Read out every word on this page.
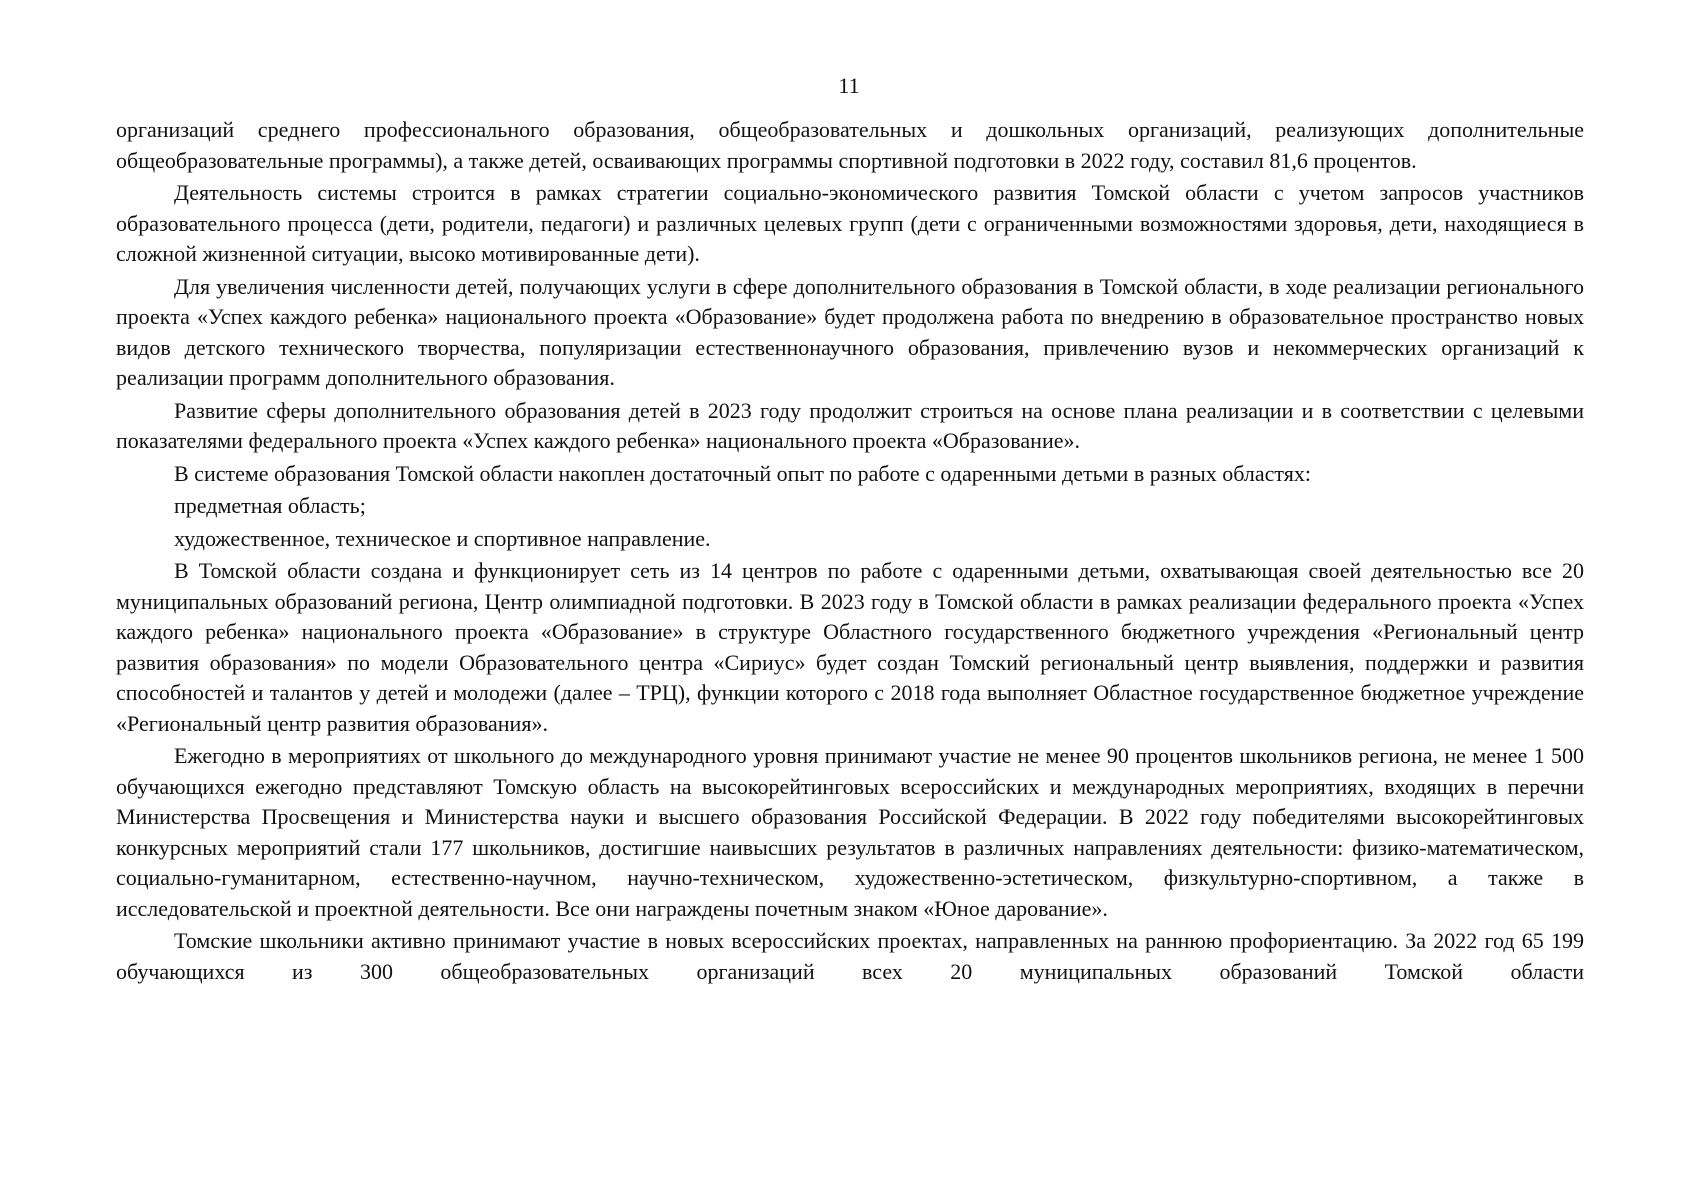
11

организаций среднего профессионального образования, общеобразовательных и дошкольных организаций, реализующих дополнительные общеобразовательные программы), а также детей, осваивающих программы спортивной подготовки в 2022 году, составил 81,6 процентов.

Деятельность системы строится в рамках стратегии социально-экономического развития Томской области с учетом запросов участников образовательного процесса (дети, родители, педагоги) и различных целевых групп (дети с ограниченными возможностями здоровья, дети, находящиеся в сложной жизненной ситуации, высоко мотивированные дети).

Для увеличения численности детей, получающих услуги в сфере дополнительного образования в Томской области, в ходе реализации регионального проекта «Успех каждого ребенка» национального проекта «Образование» будет продолжена работа по внедрению в образовательное пространство новых видов детского технического творчества, популяризации естественнонаучного образования, привлечению вузов и некоммерческих организаций к реализации программ дополнительного образования.

Развитие сферы дополнительного образования детей в 2023 году продолжит строиться на основе плана реализации и в соответствии с целевыми показателями федерального проекта «Успех каждого ребенка» национального проекта «Образование».

В системе образования Томской области накоплен достаточный опыт по работе с одаренными детьми в разных областях:

предметная область;

художественное, техническое и спортивное направление.

В Томской области создана и функционирует сеть из 14 центров по работе с одаренными детьми, охватывающая своей деятельностью все 20 муниципальных образований региона, Центр олимпиадной подготовки. В 2023 году в Томской области в рамках реализации федерального проекта «Успех каждого ребенка» национального проекта «Образование» в структуре Областного государственного бюджетного учреждения «Региональный центр развития образования» по модели Образовательного центра «Сириус» будет создан Томский региональный центр выявления, поддержки и развития способностей и талантов у детей и молодежи (далее – ТРЦ), функции которого с 2018 года выполняет Областное государственное бюджетное учреждение «Региональный центр развития образования».

Ежегодно в мероприятиях от школьного до международного уровня принимают участие не менее 90 процентов школьников региона, не менее 1 500 обучающихся ежегодно представляют Томскую область на высокорейтинговых всероссийских и международных мероприятиях, входящих в перечни Министерства Просвещения и Министерства науки и высшего образования Российской Федерации. В 2022 году победителями высокорейтинговых конкурсных мероприятий стали 177 школьников, достигшие наивысших результатов в различных направлениях деятельности: физико-математическом, социально-гуманитарном, естественно-научном, научно-техническом, художественно-эстетическом, физкультурно-спортивном, а также в исследовательской и проектной деятельности. Все они награждены почетным знаком «Юное дарование».

Томские школьники активно принимают участие в новых всероссийских проектах, направленных на раннюю профориентацию. За 2022 год 65 199 обучающихся из 300 общеобразовательных организаций всех 20 муниципальных образований Томской области
